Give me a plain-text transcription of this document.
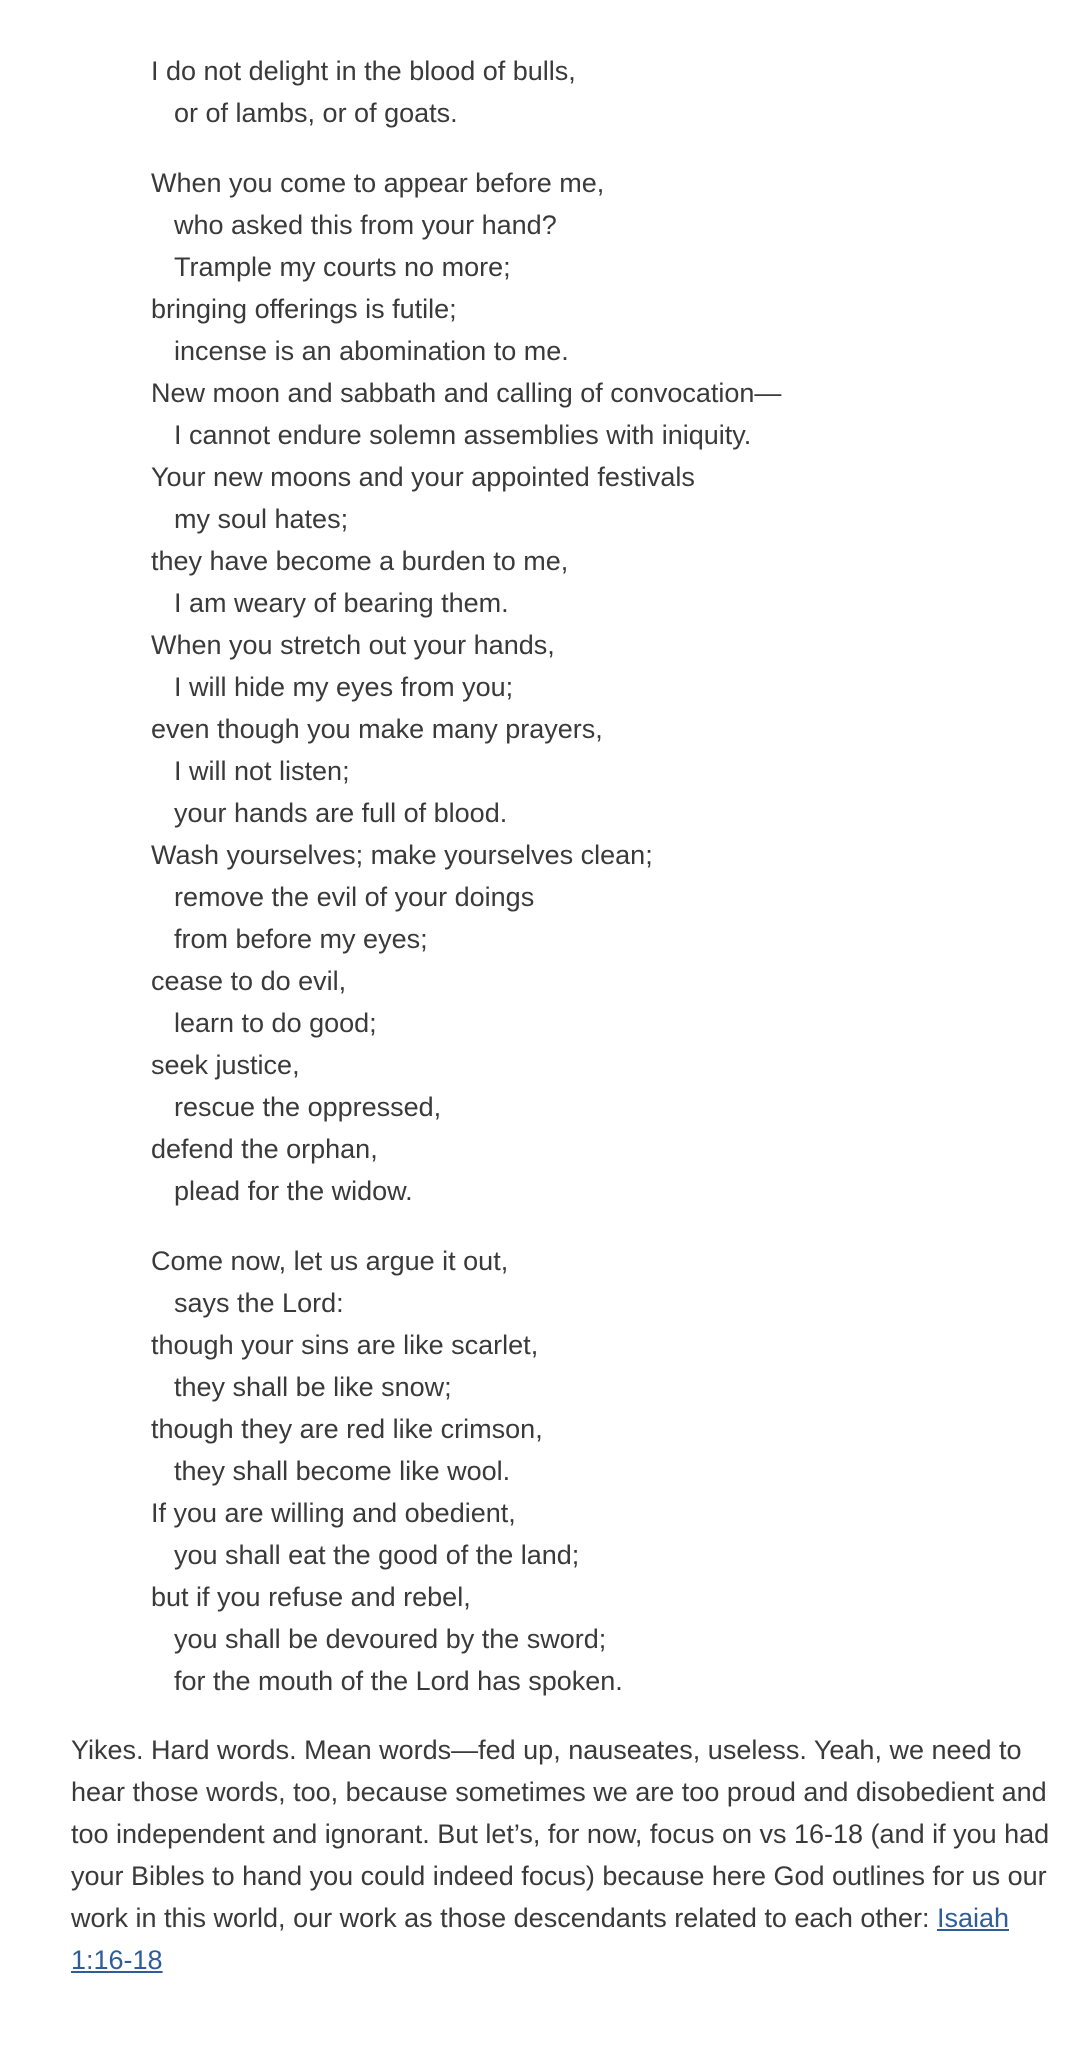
I do not delight in the blood of bulls,
or of lambs, or of goats.
When you come to appear before me,
who asked this from your hand?
Trample my courts no more;
bringing offerings is futile;
incense is an abomination to me.
New moon and sabbath and calling of convocation—
I cannot endure solemn assemblies with iniquity.
Your new moons and your appointed festivals
my soul hates;
they have become a burden to me,
I am weary of bearing them.
When you stretch out your hands,
I will hide my eyes from you;
even though you make many prayers,
I will not listen;
your hands are full of blood.
Wash yourselves; make yourselves clean;
remove the evil of your doings
from before my eyes;
cease to do evil,
learn to do good;
seek justice,
rescue the oppressed,
defend the orphan,
plead for the widow.
Come now, let us argue it out,
says the Lord:
though your sins are like scarlet,
they shall be like snow;
though they are red like crimson,
they shall become like wool.
If you are willing and obedient,
you shall eat the good of the land;
but if you refuse and rebel,
you shall be devoured by the sword;
for the mouth of the Lord has spoken.

Yikes. Hard words. Mean words—fed up, nauseates, useless. Yeah, we need to hear those words, too, because sometimes we are too proud and disobedient and too independent and ignorant. But let’s, for now, focus on vs 16-18 (and if you had your Bibles to hand you could indeed focus) because here God outlines for us our work in this world, our work as those descendants related to each other: Isaiah 1:16-18
